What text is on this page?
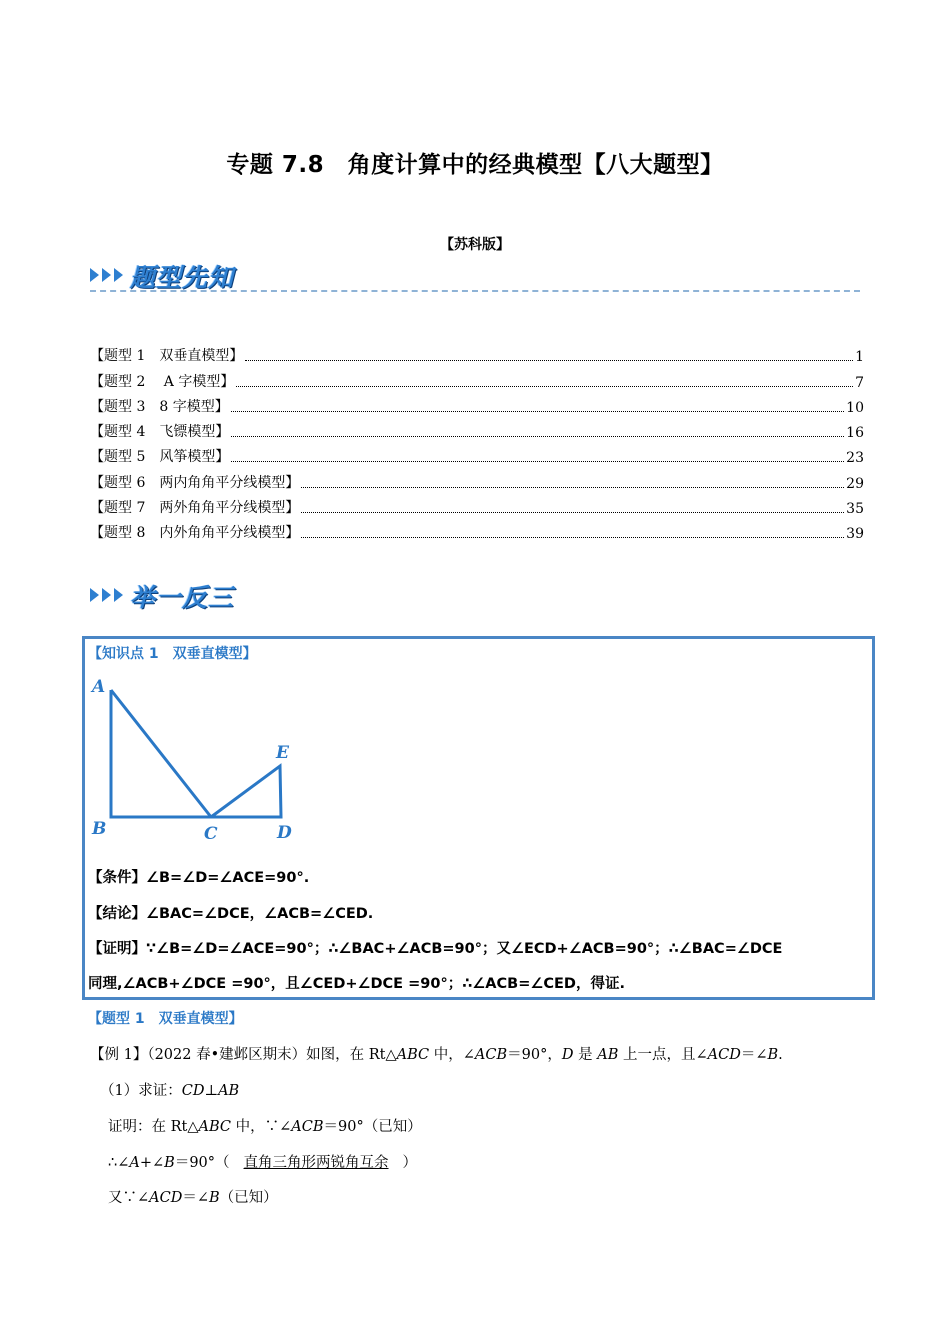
专题 7.8　角度计算中的经典模型【八大题型】
【苏科版】
题型先知
【题型 1　双垂直模型】	1
【题型 2　 A 字模型】	7
【题型 3　8 字模型】	10
【题型 4　飞镖模型】	16
【题型 5　风筝模型】	23
【题型 6　两内角角平分线模型】	29
【题型 7　两外角角平分线模型】	35
【题型 8　内外角角平分线模型】	39
举一反三
【知识点 1　双垂直模型】
A
B	C	D
E
【条件】∠B=∠D=∠ACE=90°.
【结论】∠BAC=∠DCE，∠ACB=∠CED.
【证明】∵∠B=∠D=∠ACE=90°；∴∠BAC+∠ACB=90°；又∠ECD+∠ACB=90°；∴∠BAC=∠DCE
同理,∠ACB+∠DCE =90°，且∠CED+∠DCE =90°；∴∠ACB=∠CED，得证.
【题型 1　双垂直模型】
【例 1】（2022 春•建邺区期末）如图，在 Rt△ABC 中，∠ACB＝90°，D 是 AB 上一点，且∠ACD＝∠B.
（1）求证：CD⊥AB
证明：在 Rt△ABC 中，∵∠ACB＝90°（已知）
∴∠A+∠B＝90°（ 直角三角形两锐角互余 ）
又∵∠ACD＝∠B（已知）
